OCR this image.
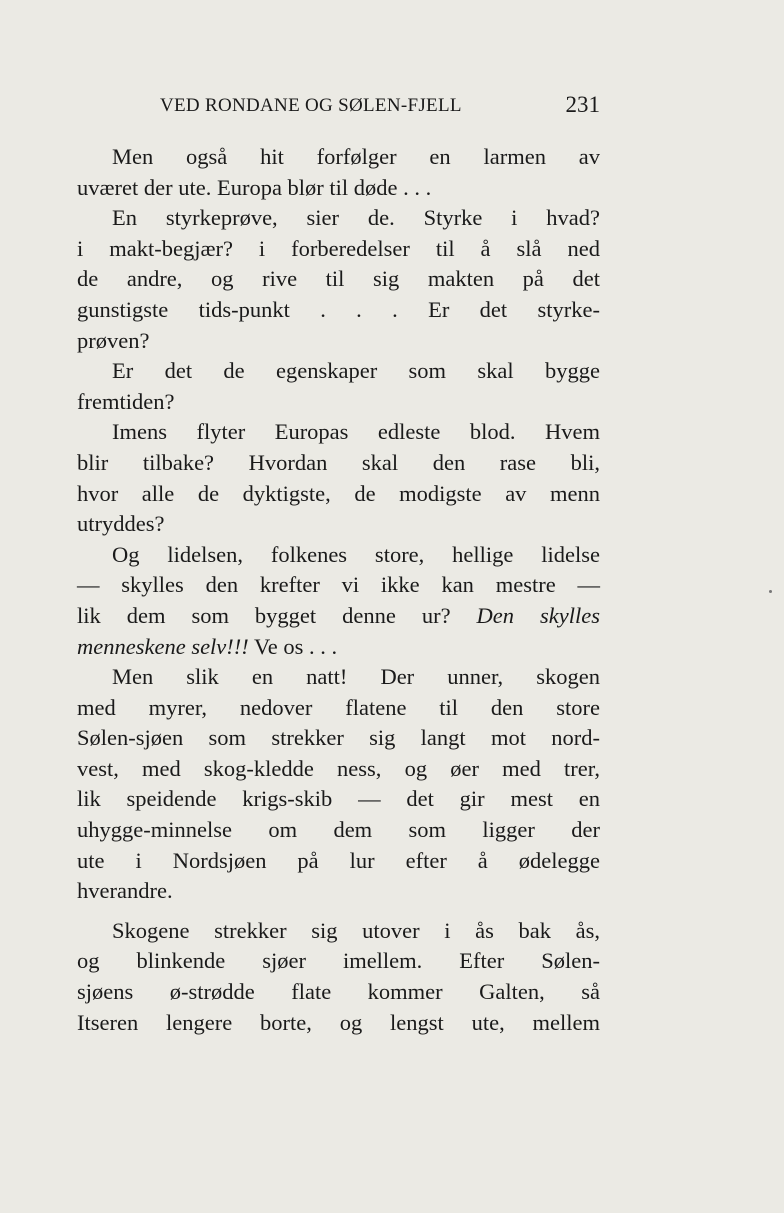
VED RONDANE OG SØLEN-FJELL	231
Men også hit forfølger en larmen av
uværet der ute. Europa blør til døde . . .
En styrkeprøve, sier de. Styrke i hvad?
i makt-begjær? i forberedelser til å slå ned
de andre, og rive til sig makten på det
gunstigste tids-punkt . . . Er det styrke-
prøven?
Er det de egenskaper som skal bygge
fremtiden?
Imens flyter Europas edleste blod. Hvem
blir tilbake? Hvordan skal den rase bli,
hvor alle de dyktigste, de modigste av menn
utryddes?
Og lidelsen, folkenes store, hellige lidelse
— skylles den krefter vi ikke kan mestre —
lik dem som bygget denne ur? Den skylles
menneskene selv!!! Ve os . . .
Men slik en natt! Der unner, skogen
med myrer, nedover flatene til den store
Sølen-sjøen som strekker sig langt mot nord-
vest, med skog-kledde ness, og øer med trer,
lik speidende krigs-skib — det gir mest en
uhygge-minnelse om dem som ligger der
ute i Nordsjøen på lur efter å ødelegge
hverandre.
Skogene strekker sig utover i ås bak ås,
og blinkende sjøer imellem. Efter Sølen-
sjøens ø-strødde flate kommer Galten, så
Itseren lengere borte, og lengst ute, mellem
